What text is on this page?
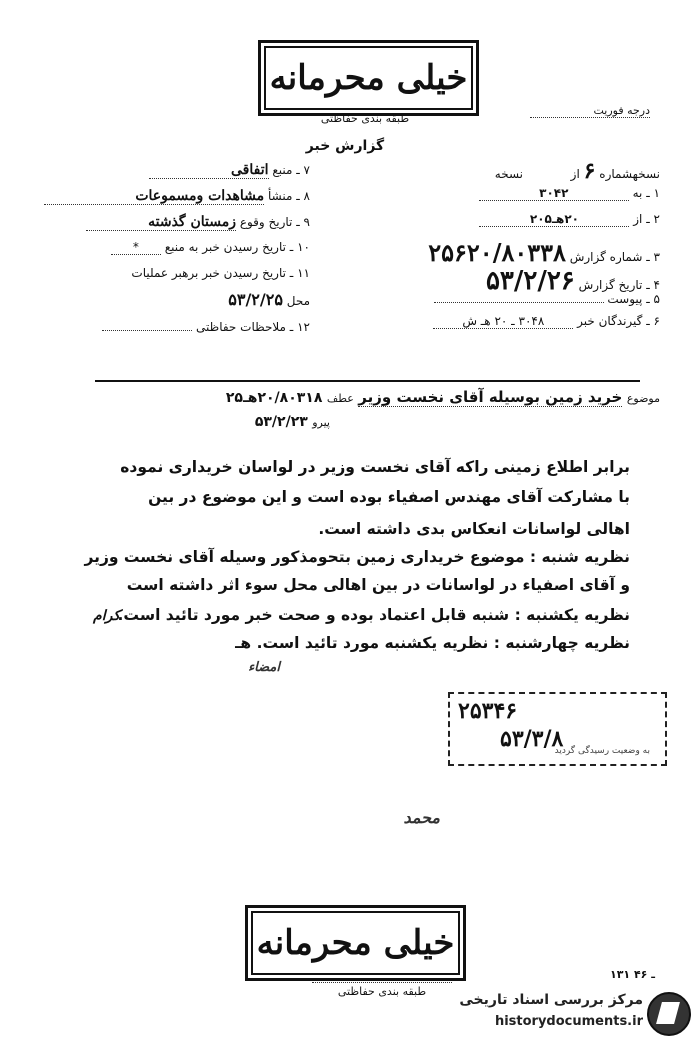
خیلی محرمانه
طبقه بندی حفاظتی
درجه فوریت
گزارش خبر
نسخهشماره ۶ از  نسخه
۱ ـ به ۳۰۴۲
۲ ـ از ۲۰هـ۲۰۵
۳ ـ شماره گزارش ۲۵۶۲۰/۸۰۳۳۸
۴ ـ تاریخ گزارش ۵۳/۲/۲۶
۵ ـ پیوست
۶ ـ گیرندگان خبر ۳۰۴۸ ـ ۲۰ هـ ش
۷ ـ منبع اتفاقی
۸ ـ منشأ مشاهدات ومسموعات
۹ ـ تاریخ وقوع زمستان گذشته
۱۰ ـ تاریخ رسیدن خبر به منبع *
۱۱ ـ تاریخ رسیدن خبر برهبر عملیات
محل ۵۳/۲/۲۵
۱۲ ـ ملاحظات حفاظتی
موضوع خرید زمین بوسیله آقای نخست وزیر عطف ۲۰/۸۰۳۱۸هـ۲۵
پیرو ۵۳/۲/۲۳
برابر اطلاع زمینی راکه آقای نخست وزیر در لواسان خریداری نموده
با مشارکت آقای مهندس اصفیاء بوده است و این موضوع در بین
اهالی لواسانات انعکاس بدی داشته است.
نظریه شنبه : موضوع خریداری زمین بتحومذکور وسیله آقای نخست وزیر
و آقای اصفیاء در لواسانات در بین اهالی محل سوء اثر داشته است
نظریه یکشنبه : شنبه قابل اعتماد بوده و صحت خبر مورد تائید است.
نظریه چهارشنبه : نظریه یکشنبه مورد تائید است. هـ
کرام
امضاء
۲۵۳۴۶
۵۳/۳/۸
به وضعیت رسیدگی گردید
محمد
خیلی محرمانه
طبقه بندی حفاظتی
۱۳۱ ـ ۴۶
مرکز بررسی اسناد تاریخی
historydocuments.ir
